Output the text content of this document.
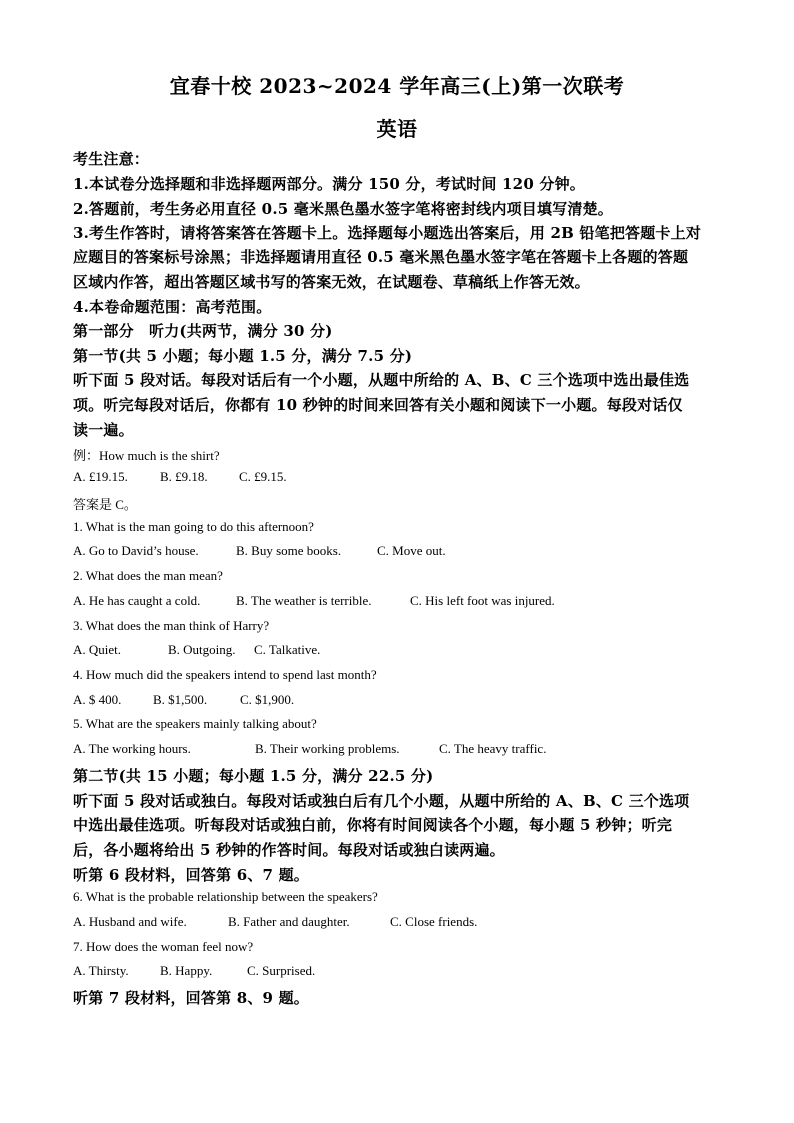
宜春十校 2023~2024 学年高三(上)第一次联考
英语
考生注意：
1.本试卷分选择题和非选择题两部分。满分 150 分，考试时间 120 分钟。
2.答题前，考生务必用直径 0.5 毫米黑色墨水签字笔将密封线内项目填写清楚。
3.考生作答时，请将答案答在答题卡上。选择题每小题选出答案后，用 2B 铅笔把答题卡上对
应题目的答案标号涂黑；非选择题请用直径 0.5 毫米黑色墨水签字笔在答题卡上各题的答题
区域内作答，超出答题区域书写的答案无效，在试题卷、草稿纸上作答无效。
4.本卷命题范围：高考范围。
第一部分　听力(共两节，满分 30 分)
第一节(共 5 小题；每小题 1.5 分，满分 7.5 分)
听下面 5 段对话。每段对话后有一个小题，从题中所给的 A、B、C 三个选项中选出最佳选
项。听完每段对话后，你都有 10 秒钟的时间来回答有关小题和阅读下一小题。每段对话仅
读一遍。
例：How much is the shirt?
A. £19.15. B. £9.18. C. £9.15.
答案是 C。
1. What is the man going to do this afternoon?
A. Go to David’s house.	B. Buy some books.	C. Move out.
2. What does the man mean?
A. He has caught a cold.	B. The weather is terrible.	C. His left foot was injured.
3. What does the man think of Harry?
A. Quiet.	B. Outgoing. C. Talkative.
4. How much did the speakers intend to spend last month?
A. $ 400. B. $1,500.	C. $1,900.
5. What are the speakers mainly talking about?
A. The working hours.	B. Their working problems.	C. The heavy traffic.
第二节(共 15 小题；每小题 1.5 分，满分 22.5 分)
听下面 5 段对话或独白。每段对话或独白后有几个小题，从题中所给的 A、B、C 三个选项
中选出最佳选项。听每段对话或独白前，你将有时间阅读各个小题，每小题 5 秒钟；听完
后，各小题将给出 5 秒钟的作答时间。每段对话或独白读两遍。
听第 6 段材料，回答第 6、7 题。
6. What is the probable relationship between the speakers?
A. Husband and wife.	B. Father and daughter.	C. Close friends.
7. How does the woman feel now?
A. Thirsty. B. Happy.	C. Surprised.
听第 7 段材料，回答第 8、9 题。
